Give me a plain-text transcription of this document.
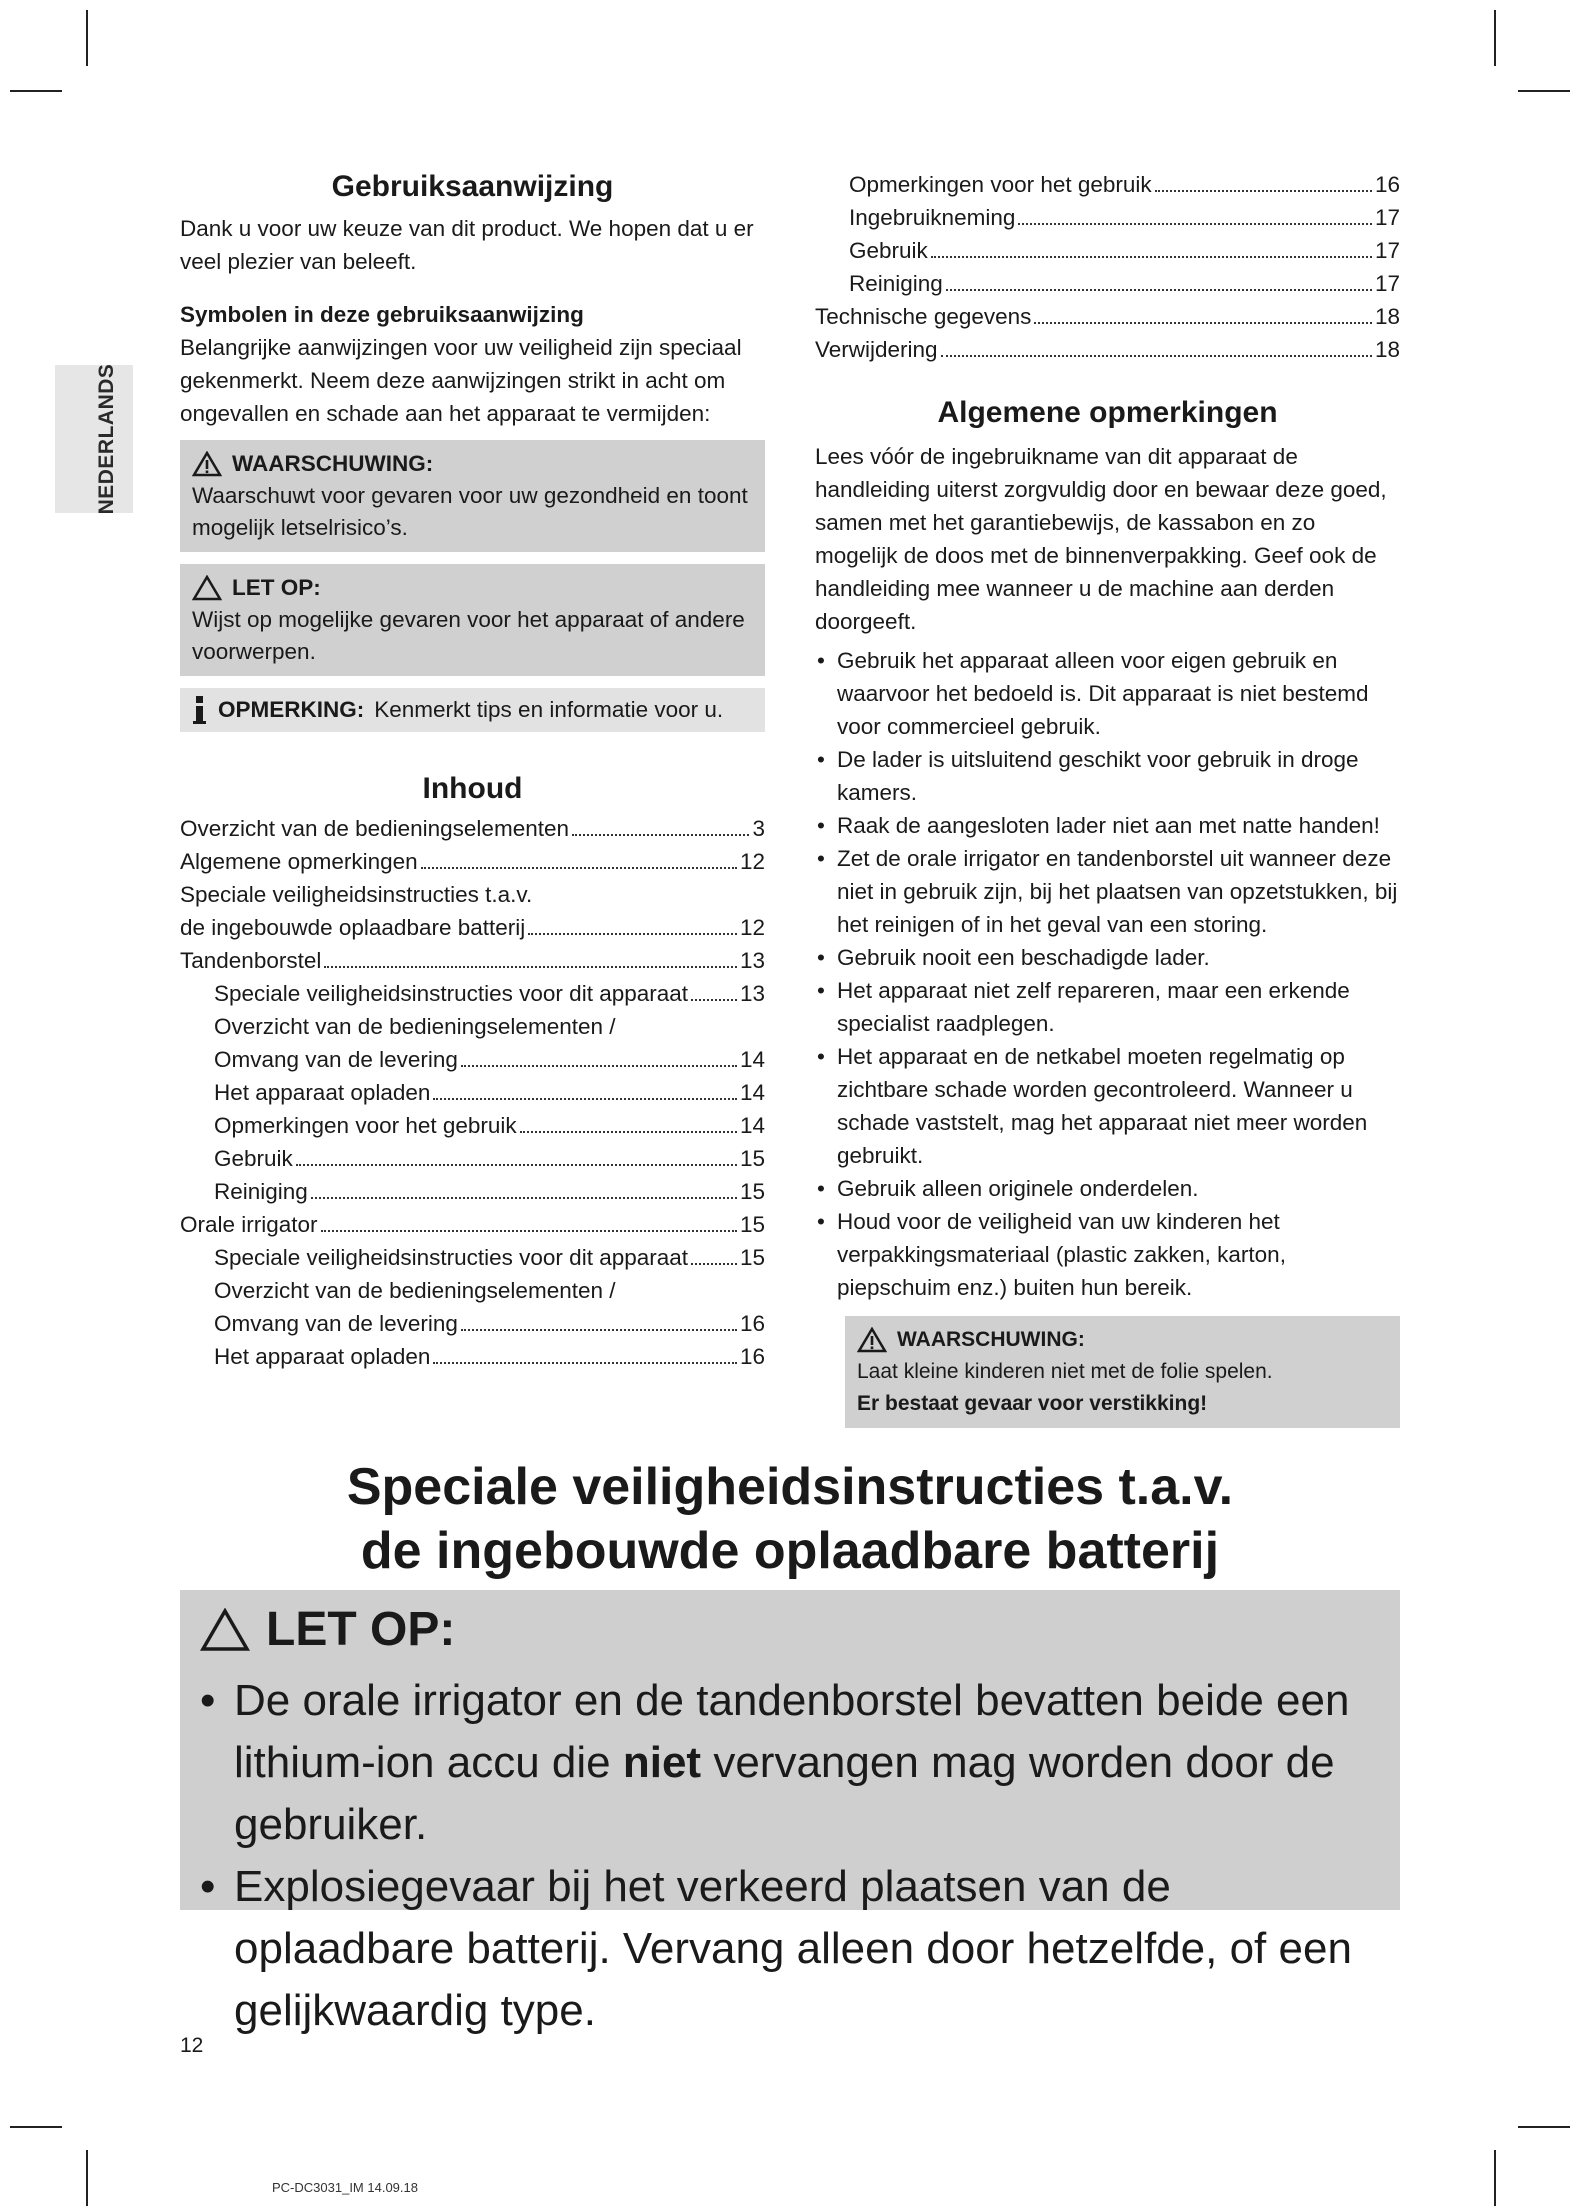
NEDERLANDS
Gebruiksaanwijzing

Dank u voor uw keuze van dit product. We hopen dat u er veel plezier van beleeft.

Symbolen in deze gebruiksaanwijzing

Belangrijke aanwijzingen voor uw veiligheid zijn speciaal gekenmerkt. Neem deze aanwijzingen strikt in acht om ongevallen en schade aan het apparaat te vermijden:

WAARSCHUWING:
Waarschuwt voor gevaren voor uw gezondheid en toont mogelijk letselrisico’s.
LET OP:
Wijst op mogelijke gevaren voor het apparaat of andere voorwerpen.
OPMERKING: Kenmerkt tips en informatie voor u.
Inhoud
Overzicht van de bedieningselementen	3
Algemene opmerkingen	12
Speciale veiligheidsinstructies t.a.v.
de ingebouwde oplaadbare batterij	12
Tandenborstel	13
Speciale veiligheidsinstructies voor dit apparaat 13
Overzicht van de bedieningselementen /
Omvang van de levering	14
Het apparaat opladen	14
Opmerkingen voor het gebruik	14
Gebruik	15
Reiniging	15
Orale irrigator	15
Speciale veiligheidsinstructies voor dit apparaat 15
Overzicht van de bedieningselementen /
Omvang van de levering	16
Het apparaat opladen	16
Opmerkingen voor het gebruik	16
Ingebruikneming	17
Gebruik	17
Reiniging	17
Technische gegevens	18
Verwijdering	18
Algemene opmerkingen

Lees vóór de ingebruikname van dit apparaat de handleiding uiterst zorgvuldig door en bewaar deze goed, samen met het garantiebewijs, de kassabon en zo mogelijk de doos met de binnenverpakking. Geef ook de handleiding mee wanneer u de machine aan derden doorgeeft.

• Gebruik het apparaat alleen voor eigen gebruik en waarvoor het bedoeld is. Dit apparaat is niet bestemd voor commercieel gebruik.
• De lader is uitsluitend geschikt voor gebruik in droge kamers.
• Raak de aangesloten lader niet aan met natte handen!
• Zet de orale irrigator en tandenborstel uit wanneer deze niet in gebruik zijn, bij het plaatsen van opzetstukken, bij het reinigen of in het geval van een storing.
• Gebruik nooit een beschadigde lader.
• Het apparaat niet zelf repareren, maar een erkende specialist raadplegen.
• Het apparaat en de netkabel moeten regelmatig op zichtbare schade worden gecontroleerd. Wanneer u schade vaststelt, mag het apparaat niet meer worden gebruikt.
• Gebruik alleen originele onderdelen.
• Houd voor de veiligheid van uw kinderen het verpakkingsmateriaal (plastic zakken, karton, piepschuim enz.) buiten hun bereik.
WAARSCHUWING:
Laat kleine kinderen niet met de folie spelen.
Er bestaat gevaar voor verstikking!
Speciale veiligheidsinstructies t.a.v.
de ingebouwde oplaadbare batterij
LET OP:
• De orale irrigator en de tandenborstel bevatten beide een lithium-ion accu die niet vervangen mag worden door de gebruiker.
• Explosiegevaar bij het verkeerd plaatsen van de oplaadbare batterij. Vervang alleen door hetzelfde, of een gelijkwaardig type.
12
PC-DC3031_IM 14.09.18
